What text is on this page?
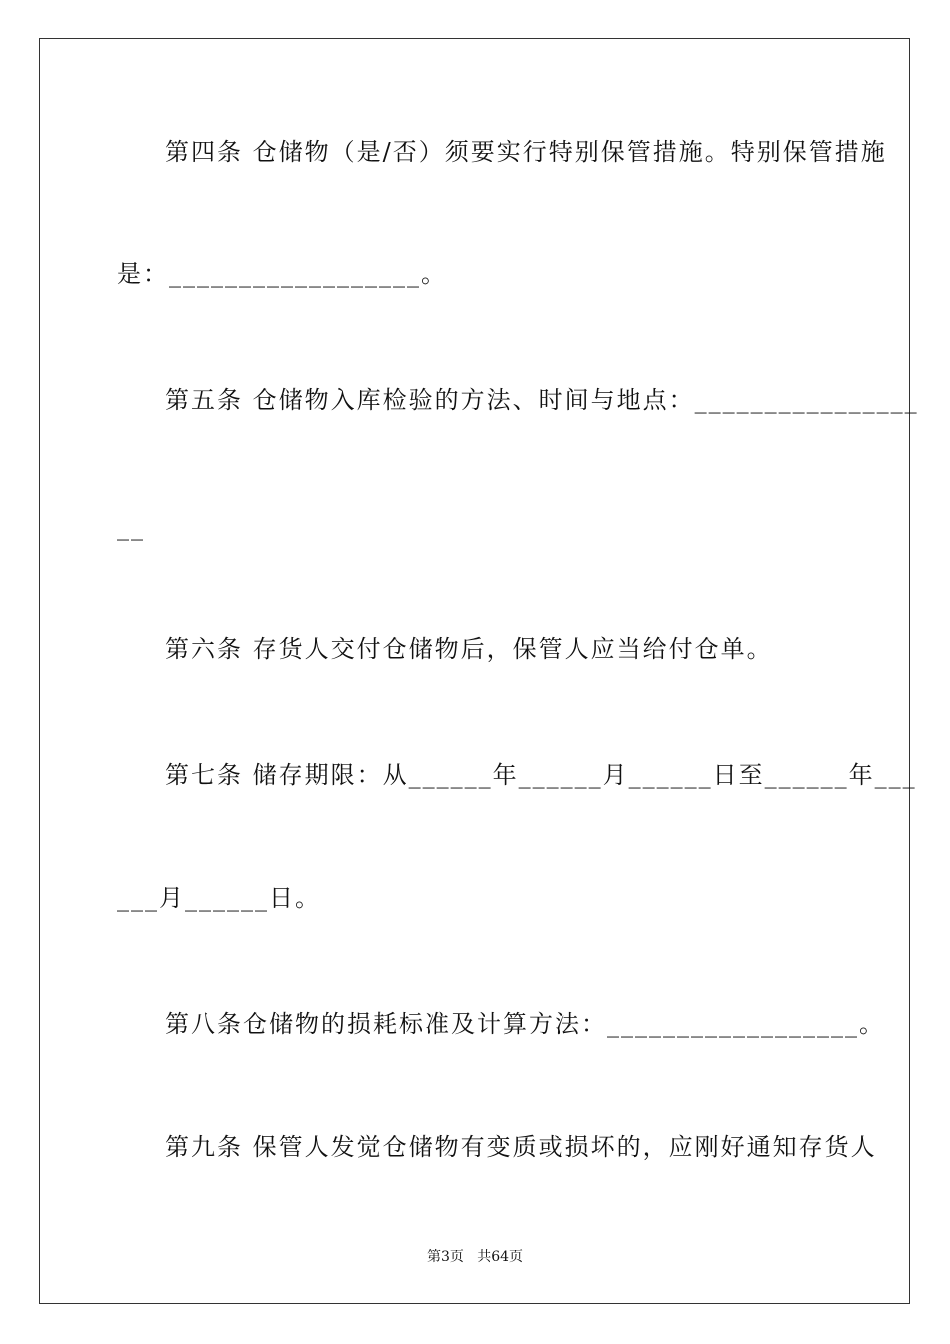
第四条 仓储物（是/否）须要实行特别保管措施。特别保管措施
是：__________________。
第五条 仓储物入库检验的方法、时间与地点：________________
__
第六条 存货人交付仓储物后，保管人应当给付仓单。
第七条 储存期限：从______年______月______日至______年___
___月______日。
第八条仓储物的损耗标准及计算方法：__________________。
第九条 保管人发觉仓储物有变质或损坏的，应刚好通知存货人
第3页   共64页
